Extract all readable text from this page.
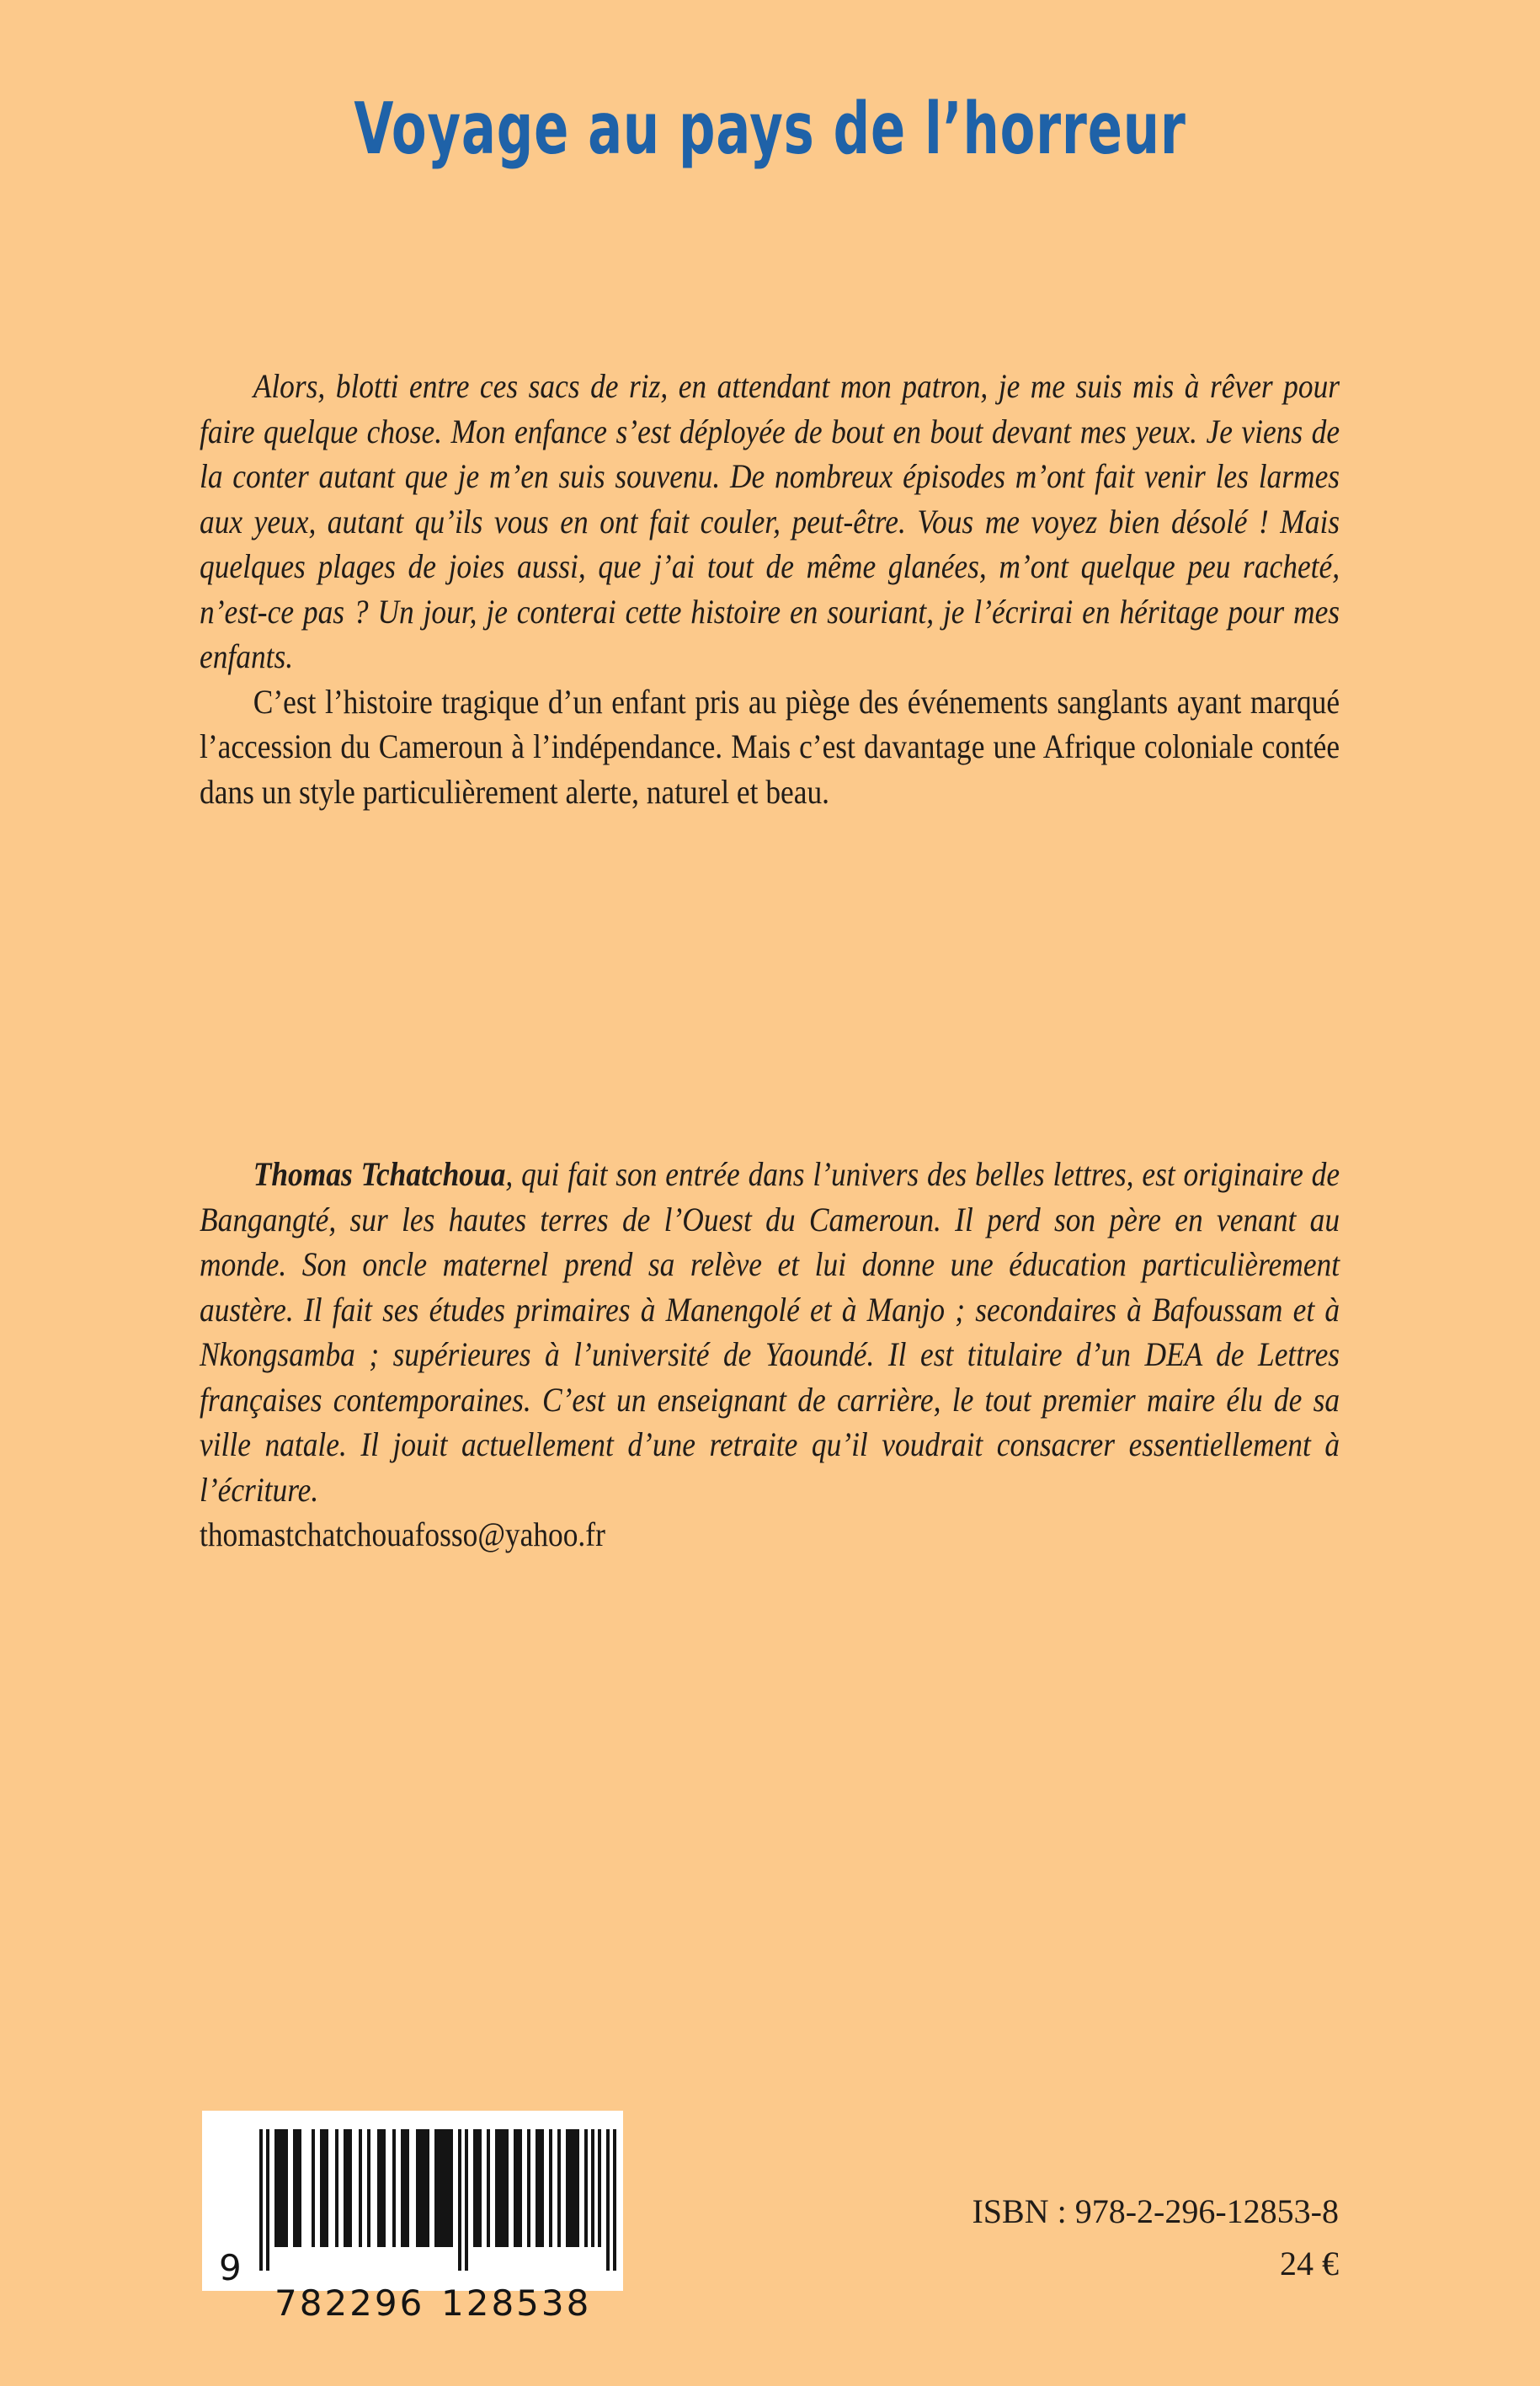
Voyage au pays de l’horreur

Alors, blotti entre ces sacs de riz, en attendant mon patron, je me suis mis à rêver pour faire quelque chose. Mon enfance s’est déployée de bout en bout devant mes yeux. Je viens de la conter autant que je m’en suis souvenu. De nombreux épisodes m’ont fait venir les larmes aux yeux, autant qu’ils vous en ont fait couler, peut-être. Vous me voyez bien désolé ! Mais quelques plages de joies aussi, que j’ai tout de même glanées, m’ont quelque peu racheté, n’est-ce pas ? Un jour, je conterai cette histoire en souriant, je l’écrirai en héritage pour mes enfants.

C’est l’histoire tragique d’un enfant pris au piège des événements sanglants ayant marqué l’accession du Cameroun à l’indépendance. Mais c’est davantage une Afrique coloniale contée dans un style particulièrement alerte, naturel et beau.

Thomas Tchatchoua, qui fait son entrée dans l’univers des belles lettres, est originaire de Bangangté, sur les hautes terres de l’Ouest du Cameroun. Il perd son père en venant au monde. Son oncle maternel prend sa relève et lui donne une éducation particulièrement austère. Il fait ses études primaires à Manengolé et à Manjo ; secondaires à Bafoussam et à Nkongsamba ; supérieures à l’université de Yaoundé. Il est titulaire d’un DEA de Lettres françaises contemporaines. C’est un enseignant de carrière, le tout premier maire élu de sa ville natale. Il jouit actuellement d’une retraite qu’il voudrait consacrer essentiellement à l’écriture.

thomastchatchouafosso@yahoo.fr

9
782296 128538
ISBN : 978-2-296-12853-8
24 €
